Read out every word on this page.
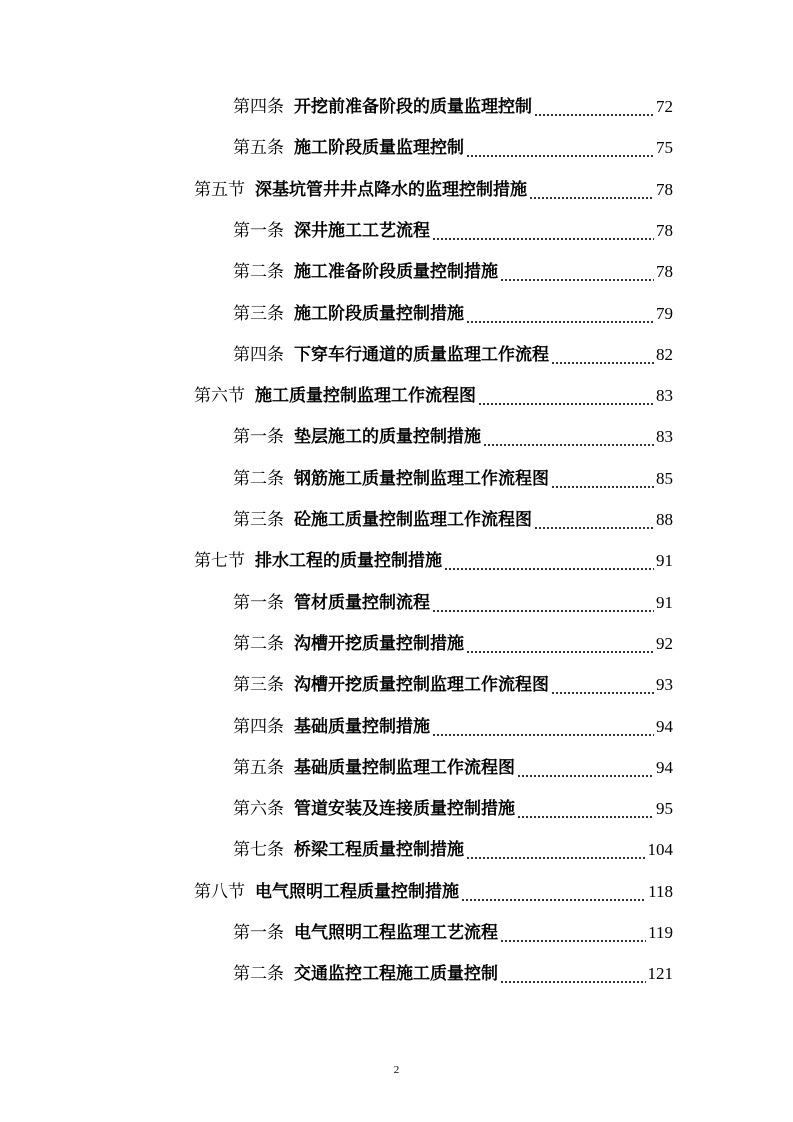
第四条 开挖前准备阶段的质量监理控制	72
第五条 施工阶段质量监理控制	75
第五节 深基坑管井井点降水的监理控制措施	78
第一条 深井施工工艺流程	78
第二条 施工准备阶段质量控制措施	78
第三条 施工阶段质量控制措施	79
第四条 下穿车行通道的质量监理工作流程	82
第六节 施工质量控制监理工作流程图	83
第一条 垫层施工的质量控制措施	83
第二条 钢筋施工质量控制监理工作流程图	85
第三条 砼施工质量控制监理工作流程图	88
第七节 排水工程的质量控制措施	91
第一条 管材质量控制流程	91
第二条 沟槽开挖质量控制措施	92
第三条 沟槽开挖质量控制监理工作流程图	93
第四条 基础质量控制措施	94
第五条 基础质量控制监理工作流程图	94
第六条 管道安装及连接质量控制措施	95
第七条 桥梁工程质量控制措施	104
第八节 电气照明工程质量控制措施	118
第一条 电气照明工程监理工艺流程	119
第二条 交通监控工程施工质量控制	121
2
